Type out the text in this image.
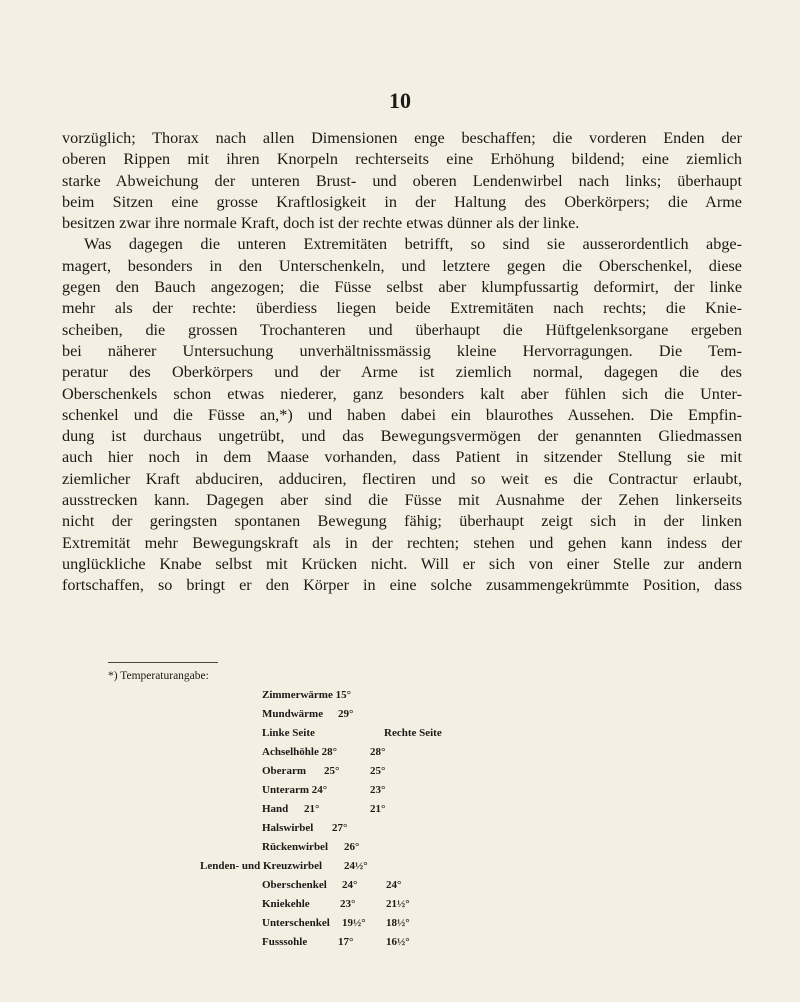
10
vorzüglich; Thorax nach allen Dimensionen enge beschaffen; die vorderen Enden der
oberen Rippen mit ihren Knorpeln rechterseits eine Erhöhung bildend; eine ziemlich
starke Abweichung der unteren Brust- und oberen Lendenwirbel nach links; überhaupt
beim Sitzen eine grosse Kraftlosigkeit in der Haltung des Oberkörpers; die Arme
besitzen zwar ihre normale Kraft, doch ist der rechte etwas dünner als der linke.
Was dagegen die unteren Extremitäten betrifft, so sind sie ausserordentlich abge-
magert, besonders in den Unterschenkeln, und letztere gegen die Oberschenkel, diese
gegen den Bauch angezogen; die Füsse selbst aber klumpfussartig deformirt, der linke
mehr als der rechte: überdiess liegen beide Extremitäten nach rechts; die Knie-
scheiben, die grossen Trochanteren und überhaupt die Hüftgelenksorgane ergeben
bei näherer Untersuchung unverhältnissmässig kleine Hervorragungen. Die Tem-
peratur des Oberkörpers und der Arme ist ziemlich normal, dagegen die des
Oberschenkels schon etwas niederer, ganz besonders kalt aber fühlen sich die Unter-
schenkel und die Füsse an,*) und haben dabei ein blaurothes Aussehen. Die Empfin-
dung ist durchaus ungetrübt, und das Bewegungsvermögen der genannten Gliedmassen
auch hier noch in dem Maase vorhanden, dass Patient in sitzender Stellung sie mit
ziemlicher Kraft abduciren, adduciren, flectiren und so weit es die Contractur erlaubt,
ausstrecken kann. Dagegen aber sind die Füsse mit Ausnahme der Zehen linkerseits
nicht der geringsten spontanen Bewegung fähig; überhaupt zeigt sich in der linken
Extremität mehr Bewegungskraft als in der rechten; stehen und gehen kann indess der
unglückliche Knabe selbst mit Krücken nicht. Will er sich von einer Stelle zur andern
fortschaffen, so bringt er den Körper in eine solche zusammengekrümmte Position, dass
*) Temperaturangabe:
Zimmerwärme 15°
Mundwärme 29°
Linke Seite	Rechte Seite
Achselhöhle 28°	28°
Oberarm 25°	25°
Unterarm 24°	23°
Hand 21°	21°
Halswirbel 27°
Rückenwirbel 26°
Lenden- und Kreuzwirbel 24½°
Oberschenkel 24°	24°
Kniekehle	23°	21½°
Unterschenkel 19½° 18½°
Fusssohle	17°	16½°
